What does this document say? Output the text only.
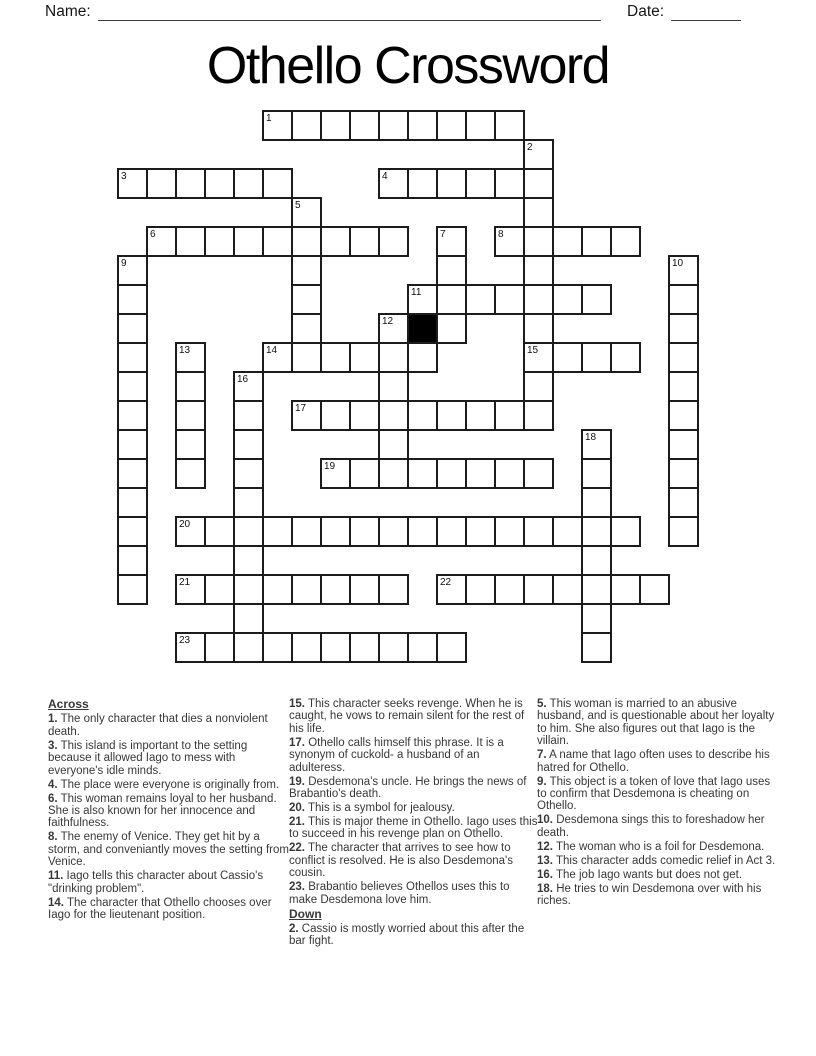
Name:	Date:
Othello Crossword
1
2
3	4
5
6	7	8
9	10
11
12
13	14	15
16
17
18
19
20
21	22
23
Across
1. The only character that dies a nonviolent death.
3. This island is important to the setting because it allowed Iago to mess with everyone's idle minds.
4. The place were everyone is originally from.
6. This woman remains loyal to her husband. She is also known for her innocence and faithfulness.
8. The enemy of Venice. They get hit by a storm, and conveniantly moves the setting from Venice.
11. Iago tells this character about Cassio's "drinking problem".
14. The character that Othello chooses over Iago for the lieutenant position.
15. This character seeks revenge. When he is caught, he vows to remain silent for the rest of his life.
17. Othello calls himself this phrase. It is a synonym of cuckold- a husband of an adulteress.
19. Desdemona's uncle. He brings the news of Brabantio's death.
20. This is a symbol for jealousy.
21. This is major theme in Othello. Iago uses this to succeed in his revenge plan on Othello.
22. The character that arrives to see how to conflict is resolved. He is also Desdemona's cousin.
23. Brabantio believes Othellos uses this to make Desdemona love him.
Down
2. Cassio is mostly worried about this after the bar fight.
5. This woman is married to an abusive husband, and is questionable about her loyalty to him. She also figures out that Iago is the villain.
7. A name that Iago often uses to describe his hatred for Othello.
9. This object is a token of love that Iago uses to confirm that Desdemona is cheating on Othello.
10. Desdemona sings this to foreshadow her death.
12. The woman who is a foil for Desdemona.
13. This character adds comedic relief in Act 3.
16. The job Iago wants but does not get.
18. He tries to win Desdemona over with his riches.
